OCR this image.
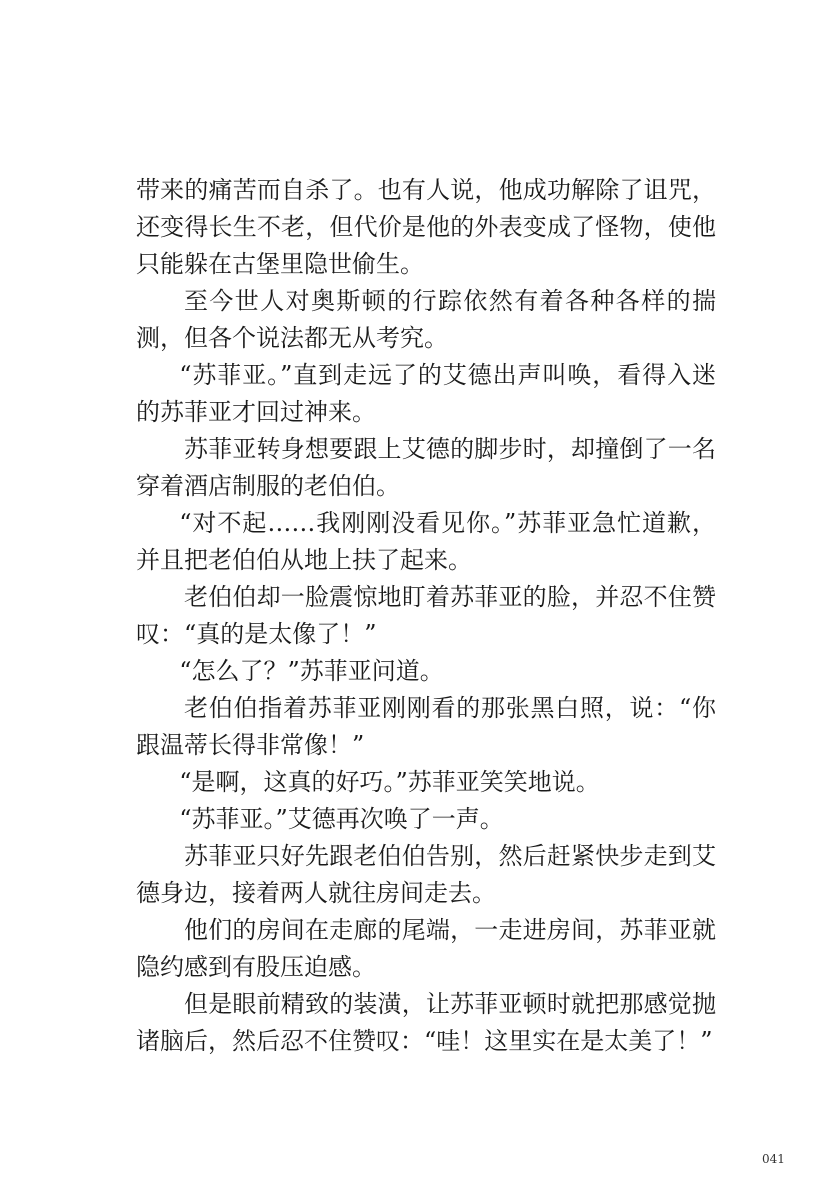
带来的痛苦而自杀了。也有人说，他成功解除了诅咒，还变得长生不老，但代价是他的外表变成了怪物，使他只能躲在古堡里隐世偷生。

至今世人对奥斯顿的行踪依然有着各种各样的揣测，但各个说法都无从考究。

“苏菲亚。”直到走远了的艾德出声叫唤，看得入迷的苏菲亚才回过神来。

苏菲亚转身想要跟上艾德的脚步时，却撞倒了一名穿着酒店制服的老伯伯。

“对不起……我刚刚没看见你。”苏菲亚急忙道歉，并且把老伯伯从地上扶了起来。

老伯伯却一脸震惊地盯着苏菲亚的脸，并忍不住赞叹：“真的是太像了！”

“怎么了？”苏菲亚问道。

老伯伯指着苏菲亚刚刚看的那张黑白照，说：“你跟温蒂长得非常像！”

“是啊，这真的好巧。”苏菲亚笑笑地说。

“苏菲亚。”艾德再次唤了一声。

苏菲亚只好先跟老伯伯告别，然后赶紧快步走到艾德身边，接着两人就往房间走去。

他们的房间在走廊的尾端，一走进房间，苏菲亚就隐约感到有股压迫感。

但是眼前精致的装潢，让苏菲亚顿时就把那感觉抛诸脑后，然后忍不住赞叹：“哇！这里实在是太美了！”

041
